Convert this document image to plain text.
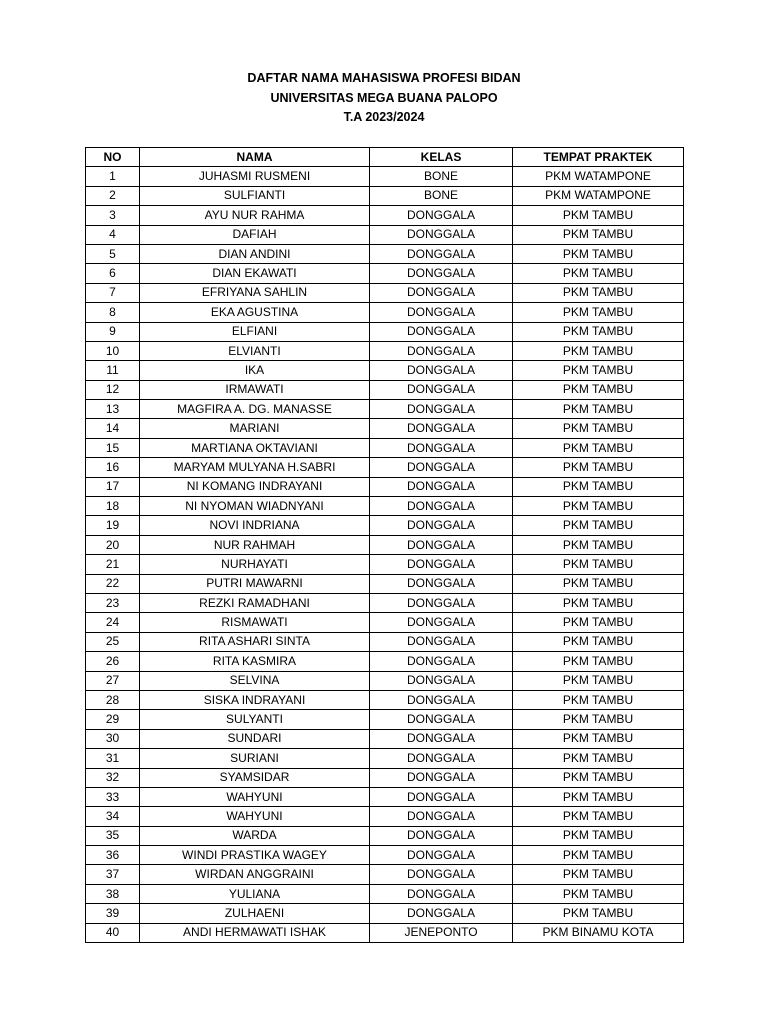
DAFTAR NAMA MAHASISWA PROFESI BIDAN
UNIVERSITAS MEGA BUANA PALOPO
T.A 2023/2024
NO	NAMA	KELAS	TEMPAT PRAKTEK
1	JUHASMI RUSMENI	BONE	PKM WATAMPONE
2	SULFIANTI	BONE	PKM WATAMPONE
3	AYU NUR RAHMA	DONGGALA	PKM TAMBU
4	DAFIAH	DONGGALA	PKM TAMBU
5	DIAN ANDINI	DONGGALA	PKM TAMBU
6	DIAN EKAWATI	DONGGALA	PKM TAMBU
7	EFRIYANA SAHLIN	DONGGALA	PKM TAMBU
8	EKA AGUSTINA	DONGGALA	PKM TAMBU
9	ELFIANI	DONGGALA	PKM TAMBU
10	ELVIANTI	DONGGALA	PKM TAMBU
11	IKA	DONGGALA	PKM TAMBU
12	IRMAWATI	DONGGALA	PKM TAMBU
13	MAGFIRA A. DG. MANASSE	DONGGALA	PKM TAMBU
14	MARIANI	DONGGALA	PKM TAMBU
15	MARTIANA OKTAVIANI	DONGGALA	PKM TAMBU
16	MARYAM MULYANA H.SABRI	DONGGALA	PKM TAMBU
17	NI KOMANG INDRAYANI	DONGGALA	PKM TAMBU
18	NI NYOMAN WIADNYANI	DONGGALA	PKM TAMBU
19	NOVI INDRIANA	DONGGALA	PKM TAMBU
20	NUR RAHMAH	DONGGALA	PKM TAMBU
21	NURHAYATI	DONGGALA	PKM TAMBU
22	PUTRI MAWARNI	DONGGALA	PKM TAMBU
23	REZKI RAMADHANI	DONGGALA	PKM TAMBU
24	RISMAWATI	DONGGALA	PKM TAMBU
25	RITA ASHARI SINTA	DONGGALA	PKM TAMBU
26	RITA KASMIRA	DONGGALA	PKM TAMBU
27	SELVINA	DONGGALA	PKM TAMBU
28	SISKA INDRAYANI	DONGGALA	PKM TAMBU
29	SULYANTI	DONGGALA	PKM TAMBU
30	SUNDARI	DONGGALA	PKM TAMBU
31	SURIANI	DONGGALA	PKM TAMBU
32	SYAMSIDAR	DONGGALA	PKM TAMBU
33	WAHYUNI	DONGGALA	PKM TAMBU
34	WAHYUNI	DONGGALA	PKM TAMBU
35	WARDA	DONGGALA	PKM TAMBU
36	WINDI PRASTIKA WAGEY	DONGGALA	PKM TAMBU
37	WIRDAN ANGGRAINI	DONGGALA	PKM TAMBU
38	YULIANA	DONGGALA	PKM TAMBU
39	ZULHAENI	DONGGALA	PKM TAMBU
40	ANDI HERMAWATI ISHAK	JENEPONTO	PKM BINAMU KOTA
